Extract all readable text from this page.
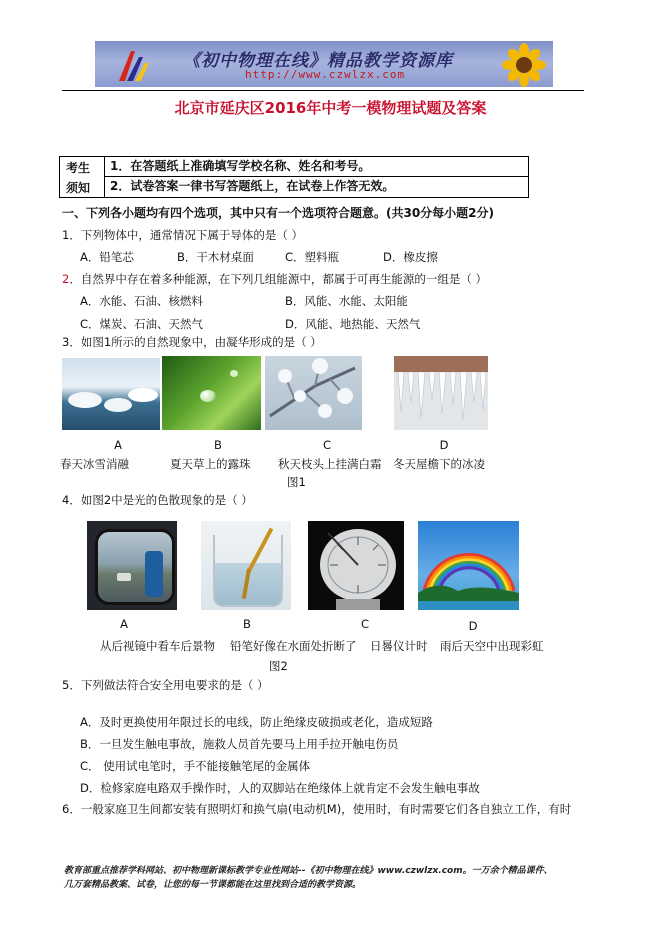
《初中物理在线》精品教学资源库
http://www.czwlzx.com
北京市延庆区2016年中考一模物理试题及答案
考生
须知
1．在答题纸上准确填写学校名称、姓名和考号。
2．试卷答案一律书写答题纸上，在试卷上作答无效。
一、下列各小题均有四个选项，其中只有一个选项符合题意。(共30分每小题2分)
1．下列物体中，通常情况下属于导体的是（ ）
A．铅笔芯	B．干木材桌面	C．塑料瓶	D．橡皮擦
2．自然界中存在着多种能源，在下列几组能源中，都属于可再生能源的一组是（ ）
A．水能、石油、核燃料	B．风能、水能、太阳能
C．煤炭、石油、天然气	D．风能、地热能、天然气
3．如图1所示的自然现象中，由凝华形成的是（ ）
A	B	C	D
春天冰雪消融	夏天草上的露珠 秋天枝头上挂满白霜 冬天屋檐下的冰凌
图1
4．如图2中是光的色散现象的是（ ）
A	B	C	D
从后视镜中看车后景物 铅笔好像在水面处折断了 日晷仪计时 雨后天空中出现彩虹
图2
5．下列做法符合安全用电要求的是（ ）
A．及时更换使用年限过长的电线，防止绝缘皮破损或老化，造成短路
B．一旦发生触电事故，施救人员首先要马上用手拉开触电伤员
C． 使用试电笔时，手不能接触笔尾的金属体
D．检修家庭电路双手操作时，人的双脚站在绝缘体上就肯定不会发生触电事故
6．一般家庭卫生间都安装有照明灯和换气扇(电动机M)，使用时，有时需要它们各自独立工作，有时
教育部重点推荐学科网站、初中物理新课标教学专业性网站--《初中物理在线》www.czwlzx.com。一万余个精品课件、
几万套精品教案、试卷，让您的每一节课都能在这里找到合适的教学资源。
